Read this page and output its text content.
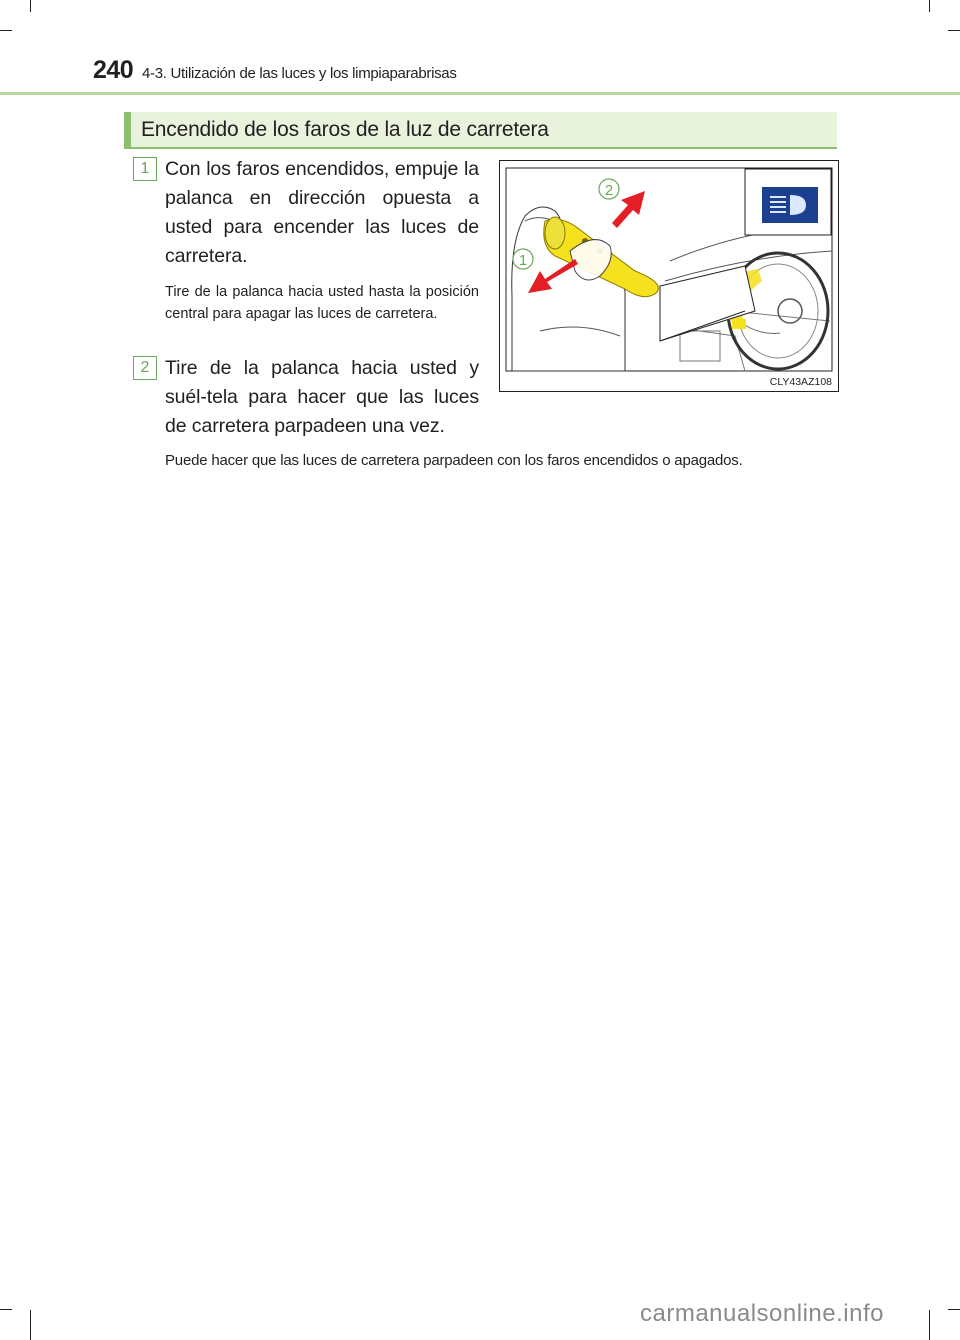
240 4-3. Utilización de las luces y los limpiaparabrisas
Encendido de los faros de la luz de carretera
1 Con los faros encendidos, empuje la palanca en dirección opuesta a usted para encender las luces de carretera.
Tire de la palanca hacia usted hasta la posición central para apagar las luces de carretera.
2 Tire de la palanca hacia usted y suél-tela para hacer que las luces de carretera parpadeen una vez.
Puede hacer que las luces de carretera parpadeen con los faros encendidos o apagados.
1
2
CLY43AZ108
carmanualsonline.info
